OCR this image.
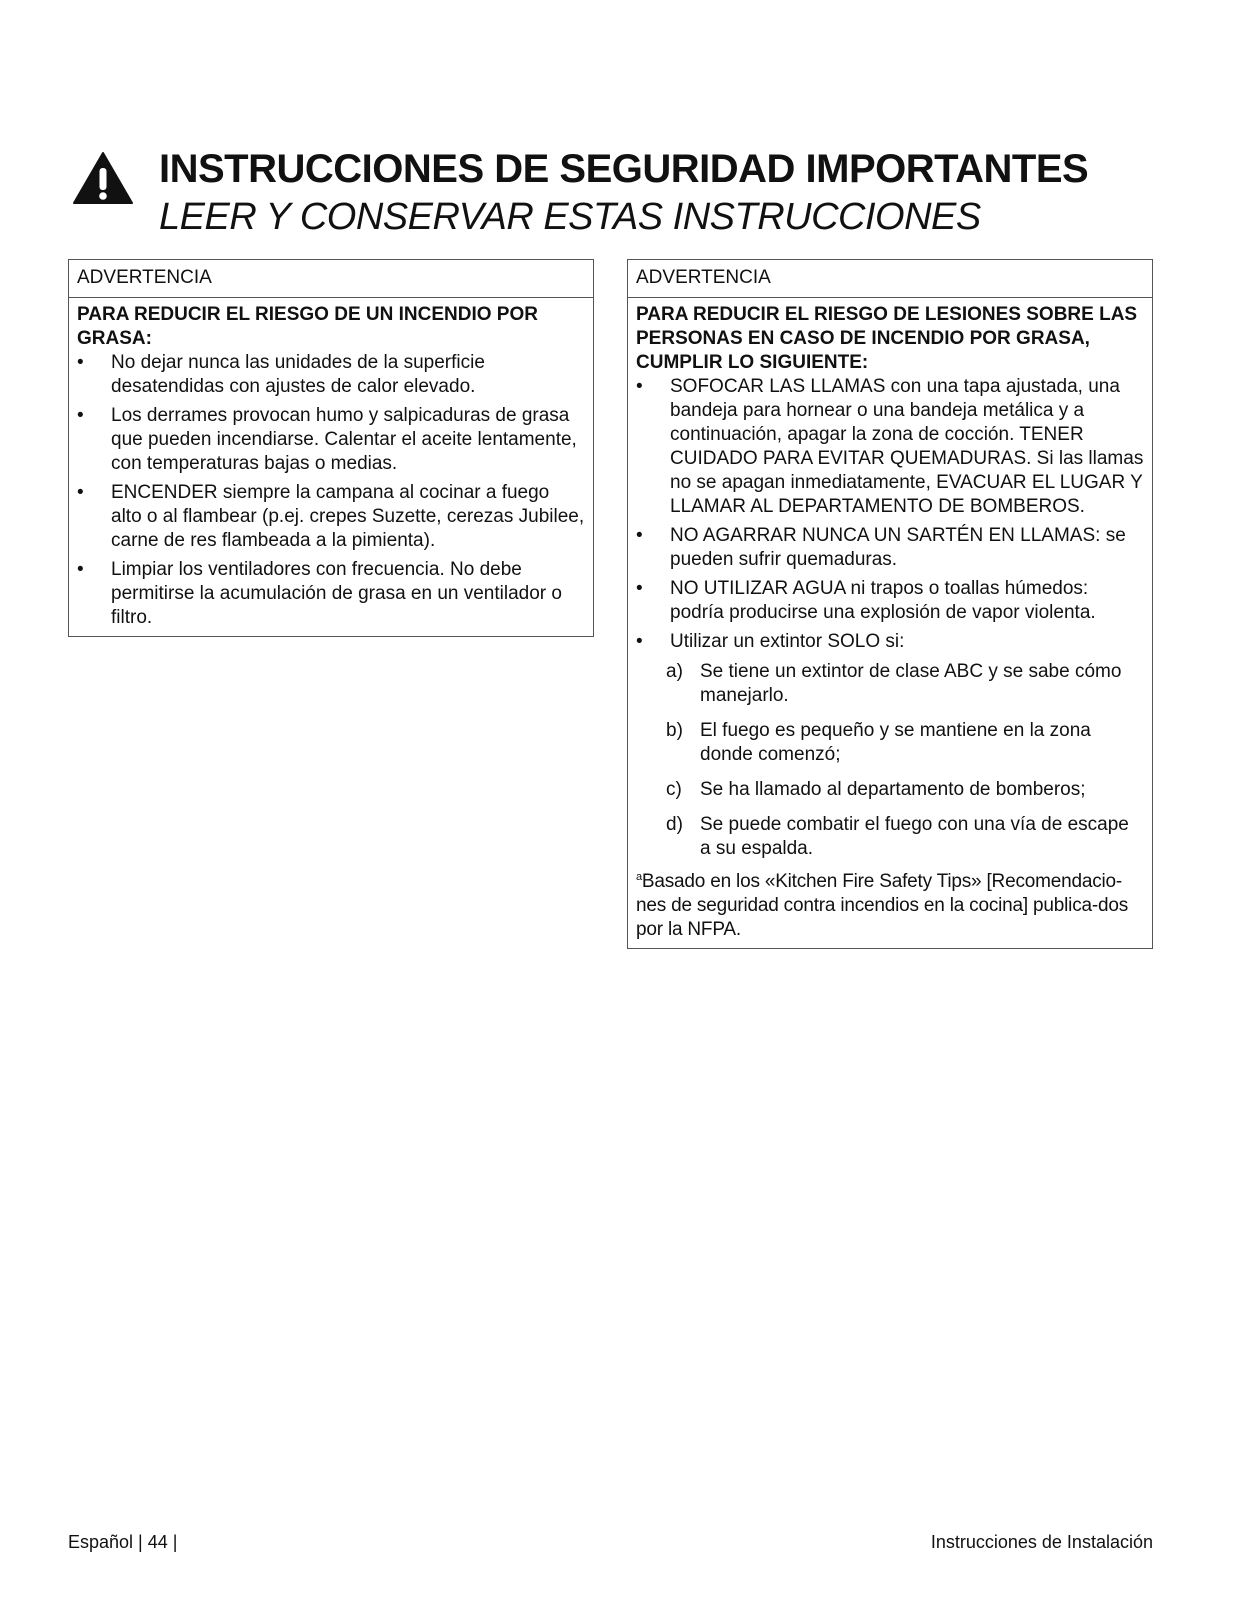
INSTRUCCIONES DE SEGURIDAD IMPORTANTES
LEER Y CONSERVAR ESTAS INSTRUCCIONES
ADVERTENCIA

PARA REDUCIR EL RIESGO DE UN INCENDIO POR GRASA:

• No dejar nunca las unidades de la superficie desatendidas con ajustes de calor elevado.
• Los derrames provocan humo y salpicaduras de grasa que pueden incendiarse. Calentar el aceite lentamente, con temperaturas bajas o medias.
• ENCENDER siempre la campana al cocinar a fuego alto o al flambear (p.ej. crepes Suzette, cerezas Jubilee, carne de res flambeada a la pimienta).
• Limpiar los ventiladores con frecuencia. No debe permitirse la acumulación de grasa en un ventilador o filtro.
ADVERTENCIA

PARA REDUCIR EL RIESGO DE LESIONES SOBRE LAS PERSONAS EN CASO DE INCENDIO POR GRASA, CUMPLIR LO SIGUIENTE:

• SOFOCAR LAS LLAMAS con una tapa ajustada, una bandeja para hornear o una bandeja metálica y a continuación, apagar la zona de cocción. TENER CUIDADO PARA EVITAR QUEMADURAS. Si las llamas no se apagan inmediatamente, EVACUAR EL LUGAR Y LLAMAR AL DEPARTAMENTO DE BOMBEROS.
• NO AGARRAR NUNCA UN SARTÉN EN LLAMAS: se pueden sufrir quemaduras.
• NO UTILIZAR AGUA ni trapos o toallas húmedos: podría producirse una explosión de vapor violenta.
• Utilizar un extintor SOLO si:
a) Se tiene un extintor de clase ABC y se sabe cómo manejarlo.
b) El fuego es pequeño y se mantiene en la zona donde comenzó;
c) Se ha llamado al departamento de bomberos;
d) Se puede combatir el fuego con una vía de escape a su espalda.

$^a$Basado en los «Kitchen Fire Safety Tips» [Recomendacio-nes de seguridad contra incendios en la cocina] publica-dos por la NFPA.

Español | 44 |	Instrucciones de Instalación
